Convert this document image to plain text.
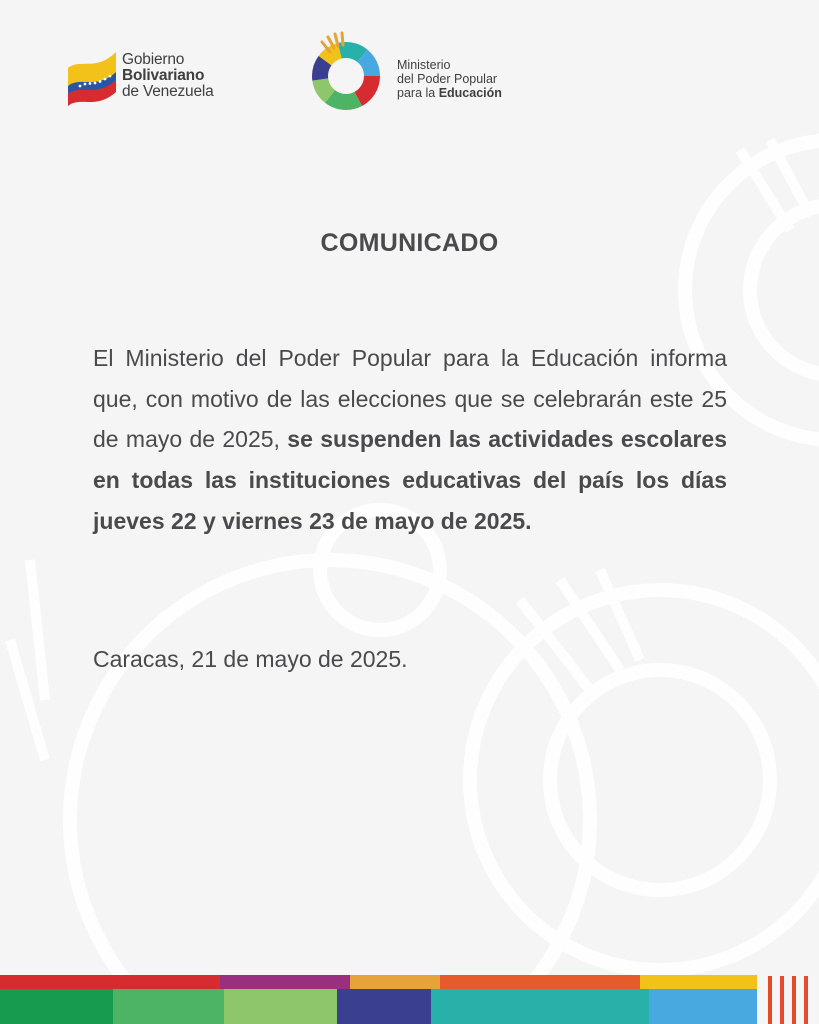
Gobierno
Bolivariano
de Venezuela
Ministerio
del Poder Popular
para la Educación
COMUNICADO

El Ministerio del Poder Popular para la Educación informa que, con motivo de las elecciones que se celebrarán este 25 de mayo de 2025, se suspenden las actividades escolares en todas las instituciones educativas del país los días jueves 22 y viernes 23 de mayo de 2025.

Caracas, 21 de mayo de 2025.
